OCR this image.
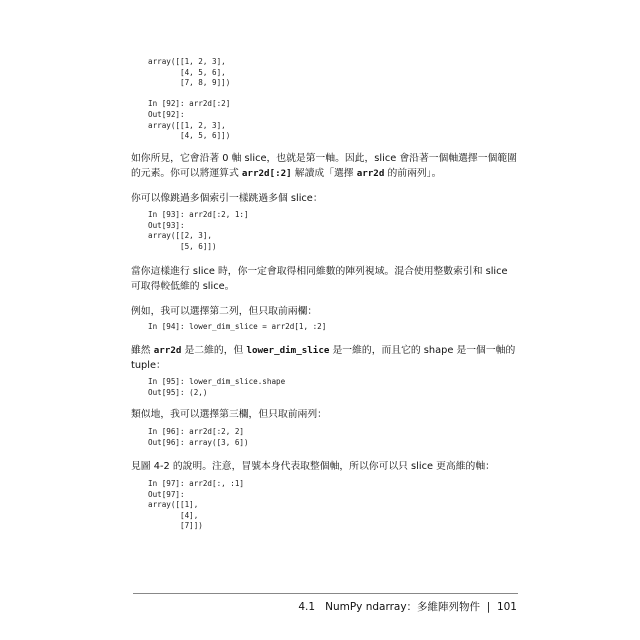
array([[1, 2, 3],
[4, 5, 6],
[7, 8, 9]])

In [92]: arr2d[:2]
Out[92]:
array([[1, 2, 3],
[4, 5, 6]])

如你所見，它會沿著 0 軸 slice，也就是第一軸。因此，slice 會沿著一個軸選擇一個範圍

的元素。你可以將運算式 arr2d[:2] 解讀成「選擇 arr2d 的前兩列」。

你可以像跳過多個索引一樣跳過多個 slice：

In [93]: arr2d[:2, 1:]
Out[93]:
array([[2, 3],
[5, 6]])

當你這樣進行 slice 時，你一定會取得相同維數的陣列視域。混合使用整數索引和 slice

可取得較低維的 slice。

例如，我可以選擇第二列，但只取前兩欄：

In [94]: lower_dim_slice = arr2d[1, :2]

雖然 arr2d 是二維的，但 lower_dim_slice 是一維的，而且它的 shape 是一個一軸的

tuple：

In [95]: lower_dim_slice.shape
Out[95]: (2,)

類似地，我可以選擇第三欄，但只取前兩列：

In [96]: arr2d[:2, 2]
Out[96]: array([3, 6])

見圖 4-2 的說明。注意，冒號本身代表取整個軸，所以你可以只 slice 更高維的軸：

In [97]: arr2d[:, :1]
Out[97]:
array([[1],
[4],
[7]])

4.1   NumPy ndarray：多維陣列物件  |  101
